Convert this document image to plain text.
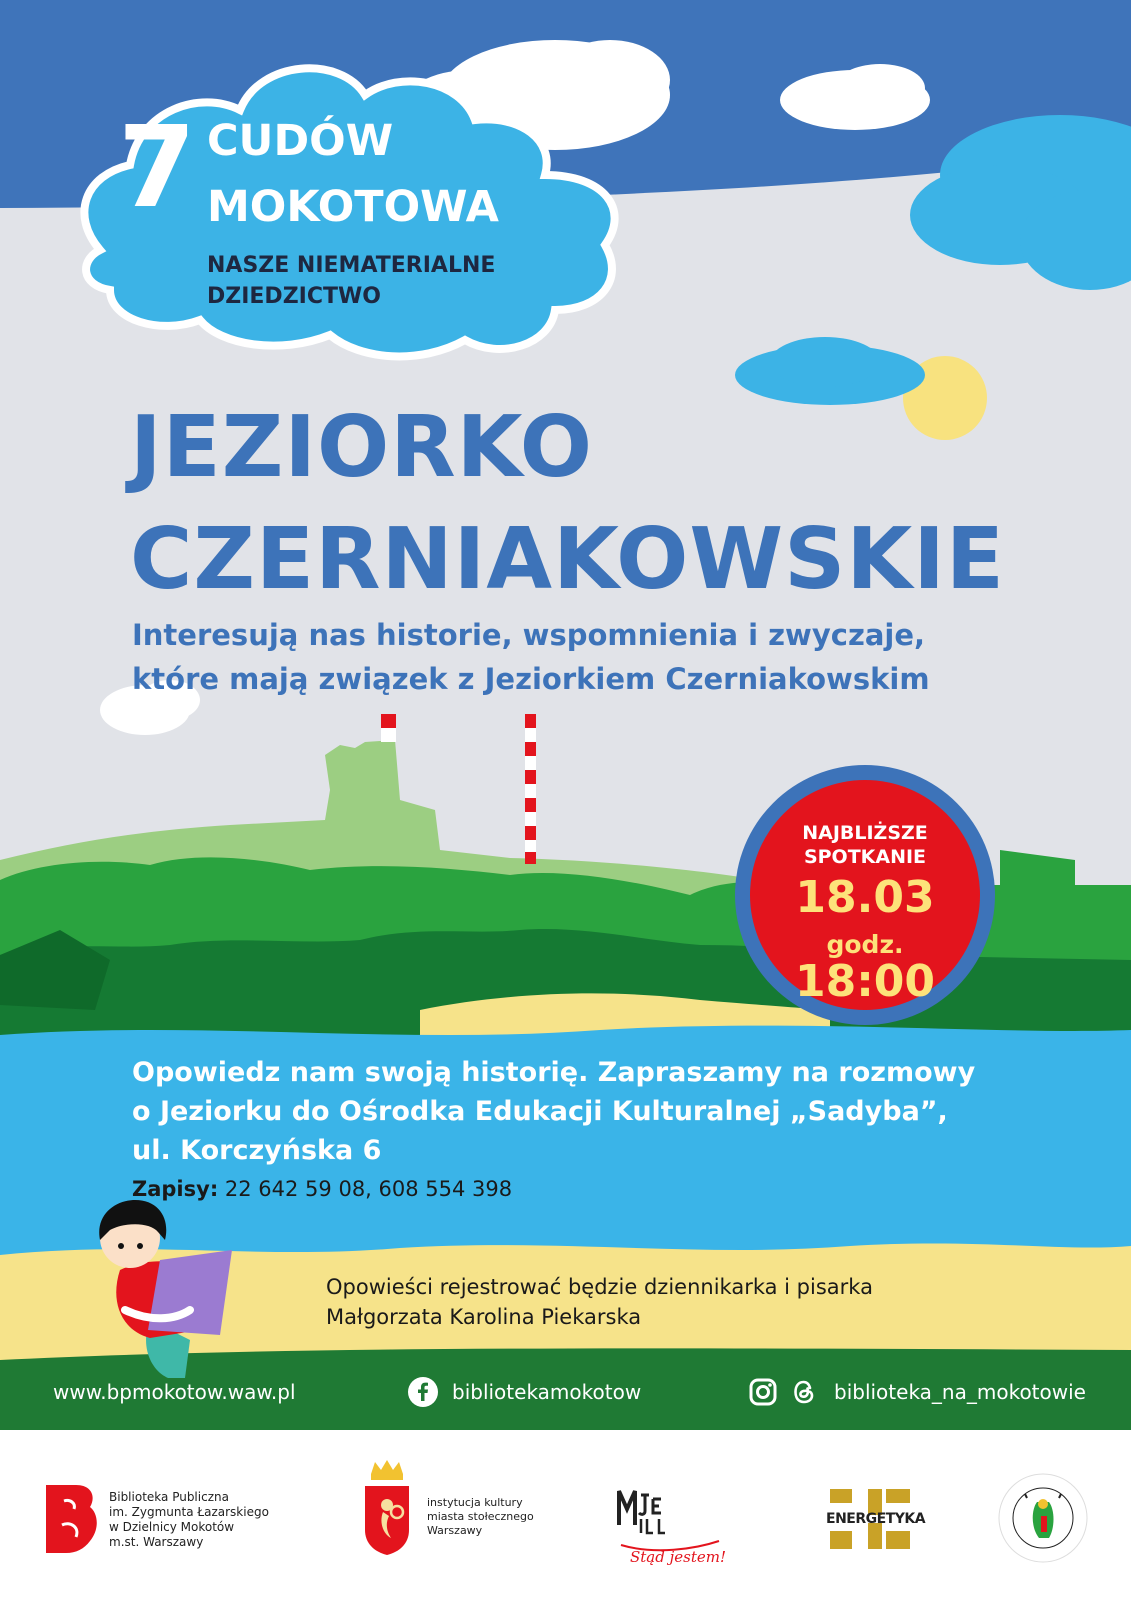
7 CUDÓW
MOKOTOWA
NASZE NIEMATERIALNE
DZIEDZICTWO
JEZIORKO
CZERNIAKOWSKIE
Interesują nas historie, wspomnienia i zwyczaje,
które mają związek z Jeziorkiem Czerniakowskim
NAJBLIŻSZE
SPOTKANIE
18.03
godz.
18:00
Opowiedz nam swoją historię. Zapraszamy na rozmowy
o Jeziorku do Ośrodka Edukacji Kulturalnej „Sadyba”,
ul. Korczyńska 6
Zapisy: 22 642 59 08, 608 554 398
Opowieści rejestrować będzie dziennikarka i pisarka
Małgorzata Karolina Piekarska
www.bpmokotow.waw.pl	bibliotekamokotow	biblioteka_na_mokotowie
Biblioteka Publiczna
im. Zygmunta Łazarskiego
w Dzielnicy Mokotów
m.st. Warszawy
instytucja kultury
miasta stołecznego
Warszawy
Stąd jestem!
ENERGETYKA
